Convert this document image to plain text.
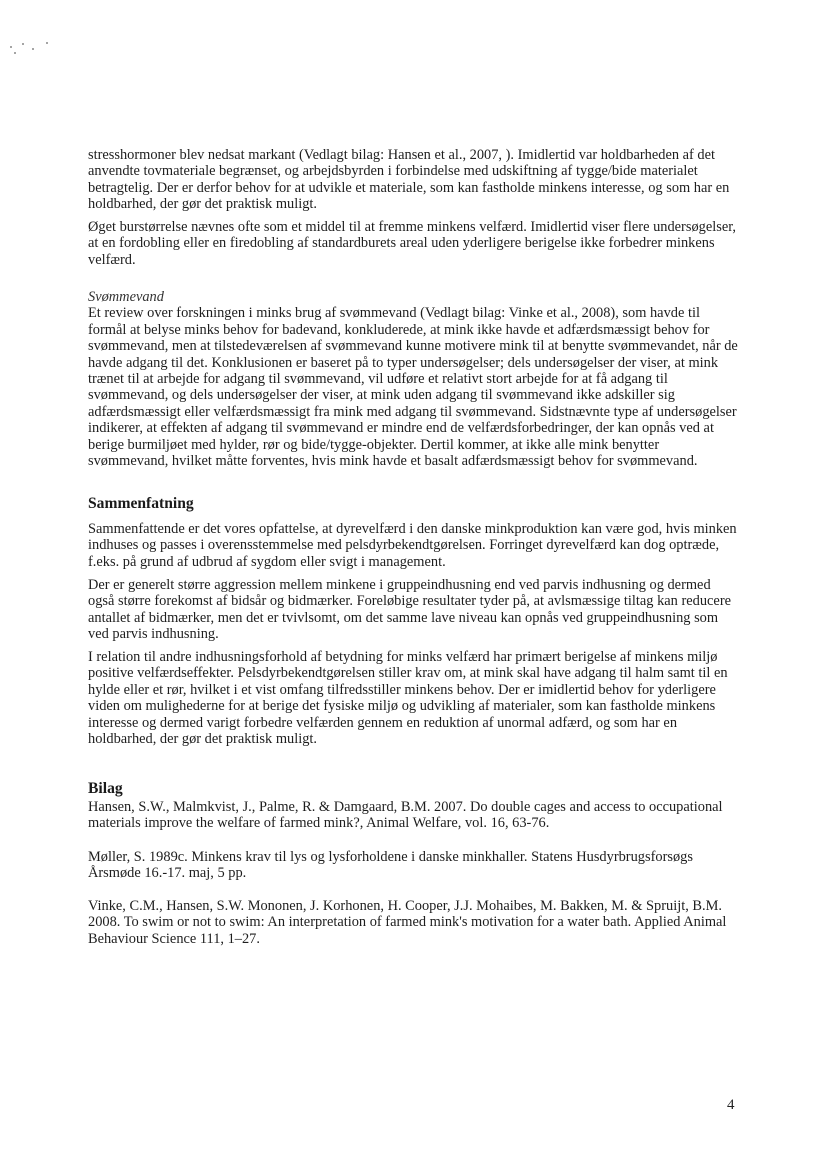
stresshormoner blev nedsat markant (Vedlagt bilag: Hansen et al., 2007, ). Imidlertid var holdbarheden af det anvendte tovmateriale begrænset, og arbejdsbyrden i forbindelse med udskiftning af tygge/bide materialet betragtelig. Der er derfor behov for at udvikle et materiale, som kan fastholde minkens interesse, og som har en holdbarhed, der gør det praktisk muligt.

Øget burstørrelse nævnes ofte som et middel til at fremme minkens velfærd. Imidlertid viser flere undersøgelser, at en fordobling eller en firedobling af standardburets areal uden yderligere berigelse ikke forbedrer minkens velfærd.

Svømmevand

Et review over forskningen i minks brug af svømmevand (Vedlagt bilag: Vinke et al., 2008), som havde til formål at belyse minks behov for badevand, konkluderede, at mink ikke havde et adfærdsmæssigt behov for svømmevand, men at tilstedeværelsen af svømmevand kunne motivere mink til at benytte svømmevandet, når de havde adgang til det. Konklusionen er baseret på to typer undersøgelser; dels undersøgelser der viser, at mink trænet til at arbejde for adgang til svømmevand, vil udføre et relativt stort arbejde for at få adgang til svømmevand, og dels undersøgelser der viser, at mink uden adgang til svømmevand ikke adskiller sig adfærdsmæssigt eller velfærdsmæssigt fra mink med adgang til svømmevand. Sidstnævnte type af undersøgelser indikerer, at effekten af adgang til svømmevand er mindre end de velfærdsforbedringer, der kan opnås ved at berige burmiljøet med hylder, rør og bide/tygge-objekter. Dertil kommer, at ikke alle mink benytter svømmevand, hvilket måtte forventes, hvis mink havde et basalt adfærdsmæssigt behov for svømmevand.

Sammenfatning

Sammenfattende er det vores opfattelse, at dyrevelfærd i den danske minkproduktion kan være god, hvis minken indhuses og passes i overensstemmelse med pelsdyrbekendtgørelsen. Forringet dyrevelfærd kan dog optræde, f.eks. på grund af udbrud af sygdom eller svigt i management.

Der er generelt større aggression mellem minkene i gruppeindhusning end ved parvis indhusning og dermed også større forekomst af bidsår og bidmærker. Foreløbige resultater tyder på, at avlsmæssige tiltag kan reducere antallet af bidmærker, men det er tvivlsomt, om det samme lave niveau kan opnås ved gruppeindhusning som ved parvis indhusning.

I relation til andre indhusningsforhold af betydning for minks velfærd har primært berigelse af minkens miljø positive velfærdseffekter. Pelsdyrbekendtgørelsen stiller krav om, at mink skal have adgang til halm samt til en hylde eller et rør, hvilket i et vist omfang tilfredsstiller minkens behov. Der er imidlertid behov for yderligere viden om mulighederne for at berige det fysiske miljø og udvikling af materialer, som kan fastholde minkens interesse og dermed varigt forbedre velfærden gennem en reduktion af unormal adfærd, og som har en holdbarhed, der gør det praktisk muligt.

Bilag

Hansen, S.W., Malmkvist, J., Palme, R. & Damgaard, B.M. 2007. Do double cages and access to occupational materials improve the welfare of farmed mink?, Animal Welfare, vol. 16, 63-76.

Møller, S. 1989c. Minkens krav til lys og lysforholdene i danske minkhaller. Statens Husdyrbrugsforsøgs Årsmøde 16.-17. maj, 5 pp.

Vinke, C.M., Hansen, S.W. Mononen, J. Korhonen, H. Cooper, J.J. Mohaibes, M. Bakken, M. & Spruijt, B.M. 2008. To swim or not to swim: An interpretation of farmed mink's motivation for a water bath. Applied Animal Behaviour Science 111, 1–27.

4
